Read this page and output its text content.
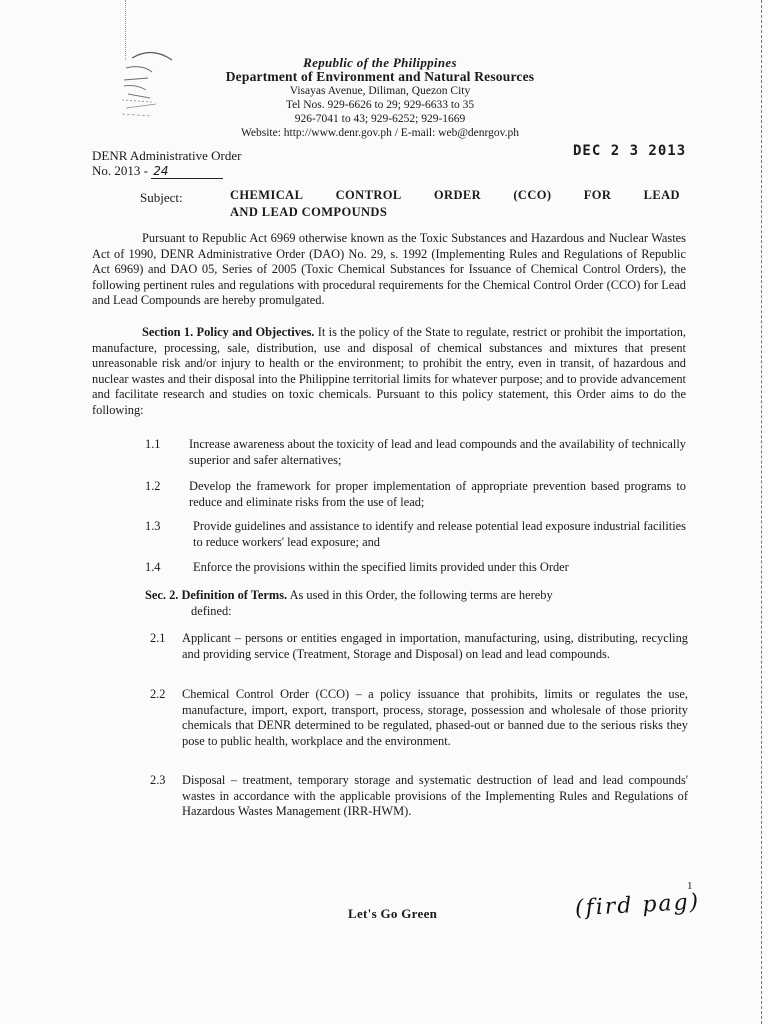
Republic of the Philippines
Department of Environment and Natural Resources
Visayas Avenue, Diliman, Quezon City
Tel Nos. 929-6626 to 29; 929-6633 to 35
926-7041 to 43; 929-6252; 929-1669
Website: http://www.denr.gov.ph / E-mail: web@denrgov.ph
DENR Administrative Order
No. 2013 - 24
DEC 2 3 2013
Subject:	CHEMICAL	CONTROL	ORDER	(CCO)	FOR	LEAD
AND LEAD COMPOUNDS
Pursuant to Republic Act 6969 otherwise known as the Toxic Substances and Hazardous and Nuclear Wastes Act of 1990, DENR Administrative Order (DAO) No. 29, s. 1992 (Implementing Rules and Regulations of Republic Act 6969) and DAO 05, Series of 2005 (Toxic Chemical Substances for Issuance of Chemical Control Orders), the following pertinent rules and regulations with procedural requirements for the Chemical Control Order (CCO) for Lead and Lead Compounds are hereby promulgated.
Section 1. Policy and Objectives. It is the policy of the State to regulate, restrict or prohibit the importation, manufacture, processing, sale, distribution, use and disposal of chemical substances and mixtures that present unreasonable risk and/or injury to health or the environment; to prohibit the entry, even in transit, of hazardous and nuclear wastes and their disposal into the Philippine territorial limits for whatever purpose; and to provide advancement and facilitate research and studies on toxic chemicals. Pursuant to this policy statement, this Order aims to do the following:
1.1 Increase awareness about the toxicity of lead and lead compounds and the availability of technically superior and safer alternatives;
1.2 Develop the framework for proper implementation of appropriate prevention based programs to reduce and eliminate risks from the use of lead;
1.3	Provide guidelines and assistance to identify and release potential lead exposure industrial facilities to reduce workers' lead exposure; and
1.4	Enforce the provisions within the specified limits provided under this Order
Sec. 2. Definition of Terms. As used in this Order, the following terms are hereby
defined:
2.1 Applicant – persons or entities engaged in importation, manufacturing, using, distributing, recycling and providing service (Treatment, Storage and Disposal) on lead and lead compounds.
2.2 Chemical Control Order (CCO) – a policy issuance that prohibits, limits or regulates the use, manufacture, import, export, transport, process, storage, possession and wholesale of those priority chemicals that DENR determined to be regulated, phased-out or banned due to the serious risks they pose to public health, workplace and the environment.
2.3 Disposal – treatment, temporary storage and systematic destruction of lead and lead compounds' wastes in accordance with the applicable provisions of the Implementing Rules and Regulations of Hazardous Wastes Management (IRR-HWM).
1
Let's Go Green	(fird pag)
